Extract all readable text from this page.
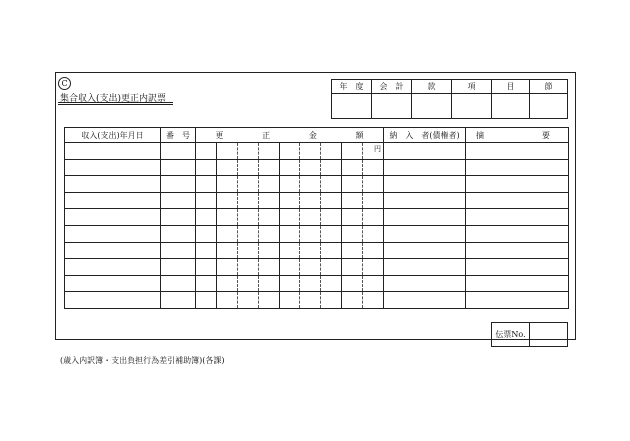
C
集合収入(支出)更正内訳票
年　度	会　計	款	項	目	節

収入(支出)年月日	番　号	更 正 金 額	納　入　者(債権者)	摘 要

		円		

伝票No.	
(歳入内訳簿・支出負担行為差引補助簿)(各課)
